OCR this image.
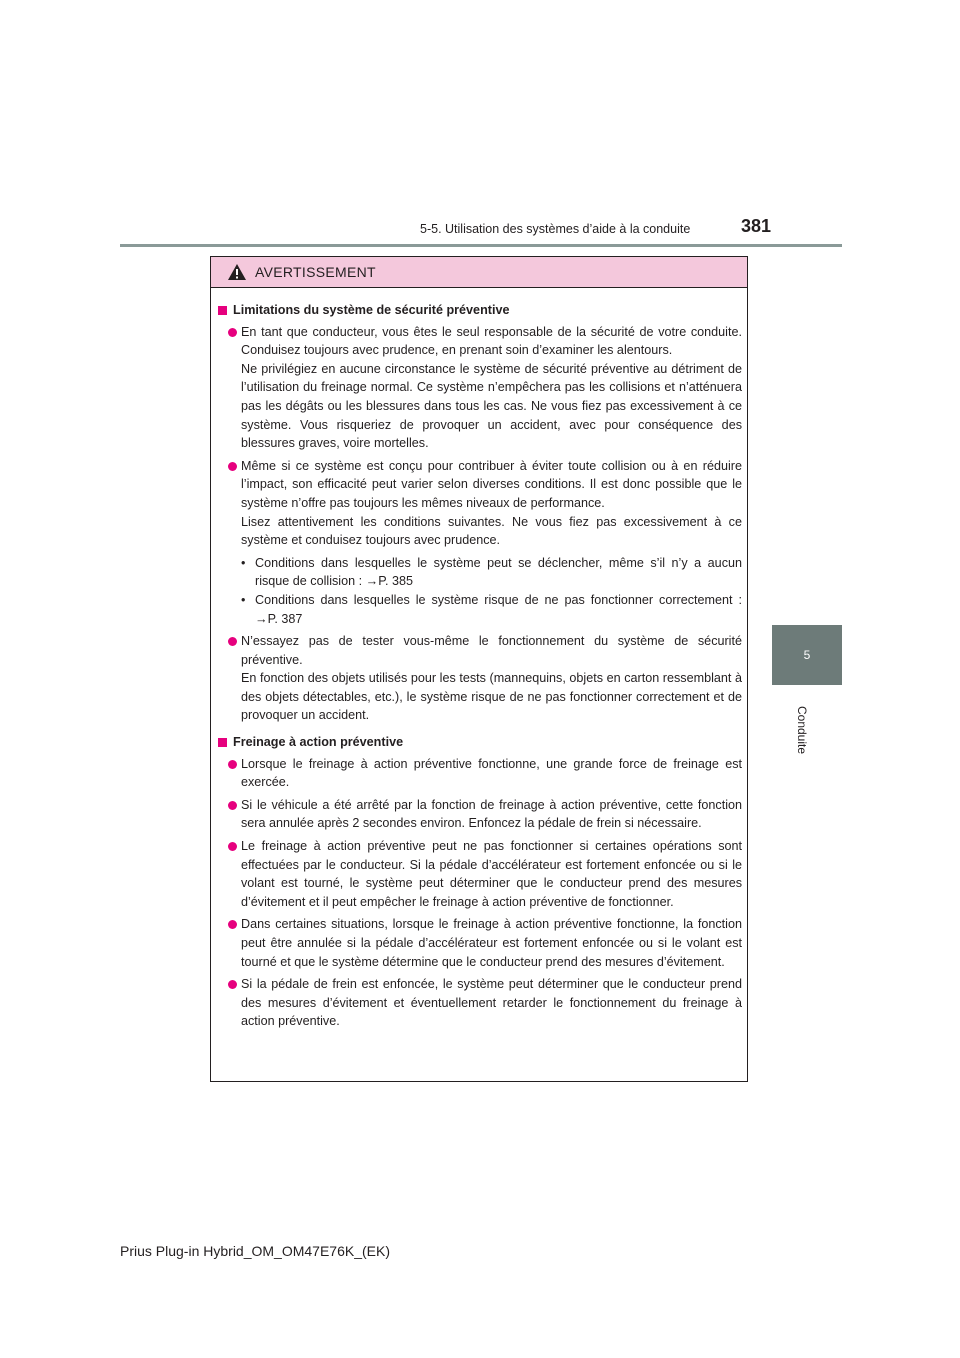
5-5. Utilisation des systèmes d’aide à la conduite	381
5
Conduite
AVERTISSEMENT
Limitations du système de sécurité préventive
En tant que conducteur, vous êtes le seul responsable de la sécurité de votre conduite. Conduisez toujours avec prudence, en prenant soin d’examiner les alentours.
Ne privilégiez en aucune circonstance le système de sécurité préventive au détriment de l’utilisation du freinage normal. Ce système n’empêchera pas les collisions et n’atténuera pas les dégâts ou les blessures dans tous les cas. Ne vous fiez pas excessivement à ce système. Vous risqueriez de provoquer un accident, avec pour conséquence des blessures graves, voire mortelles.
Même si ce système est conçu pour contribuer à éviter toute collision ou à en réduire l’impact, son efficacité peut varier selon diverses conditions. Il est donc possible que le système n’offre pas toujours les mêmes niveaux de performance.
Lisez attentivement les conditions suivantes. Ne vous fiez pas excessivement à ce système et conduisez toujours avec prudence.
• Conditions dans lesquelles le système peut se déclencher, même s’il n’y a aucun risque de collision : →P. 385
• Conditions dans lesquelles le système risque de ne pas fonctionner correctement : →P. 387
N’essayez pas de tester vous-même le fonctionnement du système de sécurité préventive.
En fonction des objets utilisés pour les tests (mannequins, objets en carton ressemblant à des objets détectables, etc.), le système risque de ne pas fonctionner correctement et de provoquer un accident.
Freinage à action préventive
Lorsque le freinage à action préventive fonctionne, une grande force de freinage est exercée.
Si le véhicule a été arrêté par la fonction de freinage à action préventive, cette fonction sera annulée après 2 secondes environ. Enfoncez la pédale de frein si nécessaire.
Le freinage à action préventive peut ne pas fonctionner si certaines opérations sont effectuées par le conducteur. Si la pédale d’accélérateur est fortement enfoncée ou si le volant est tourné, le système peut déterminer que le conducteur prend des mesures d’évitement et il peut empêcher le freinage à action préventive de fonctionner.
Dans certaines situations, lorsque le freinage à action préventive fonctionne, la fonction peut être annulée si la pédale d’accélérateur est fortement enfoncée ou si le volant est tourné et que le système détermine que le conducteur prend des mesures d’évitement.
Si la pédale de frein est enfoncée, le système peut déterminer que le conducteur prend des mesures d’évitement et éventuellement retarder le fonctionnement du freinage à action préventive.
Prius Plug-in Hybrid_OM_OM47E76K_(EK)
